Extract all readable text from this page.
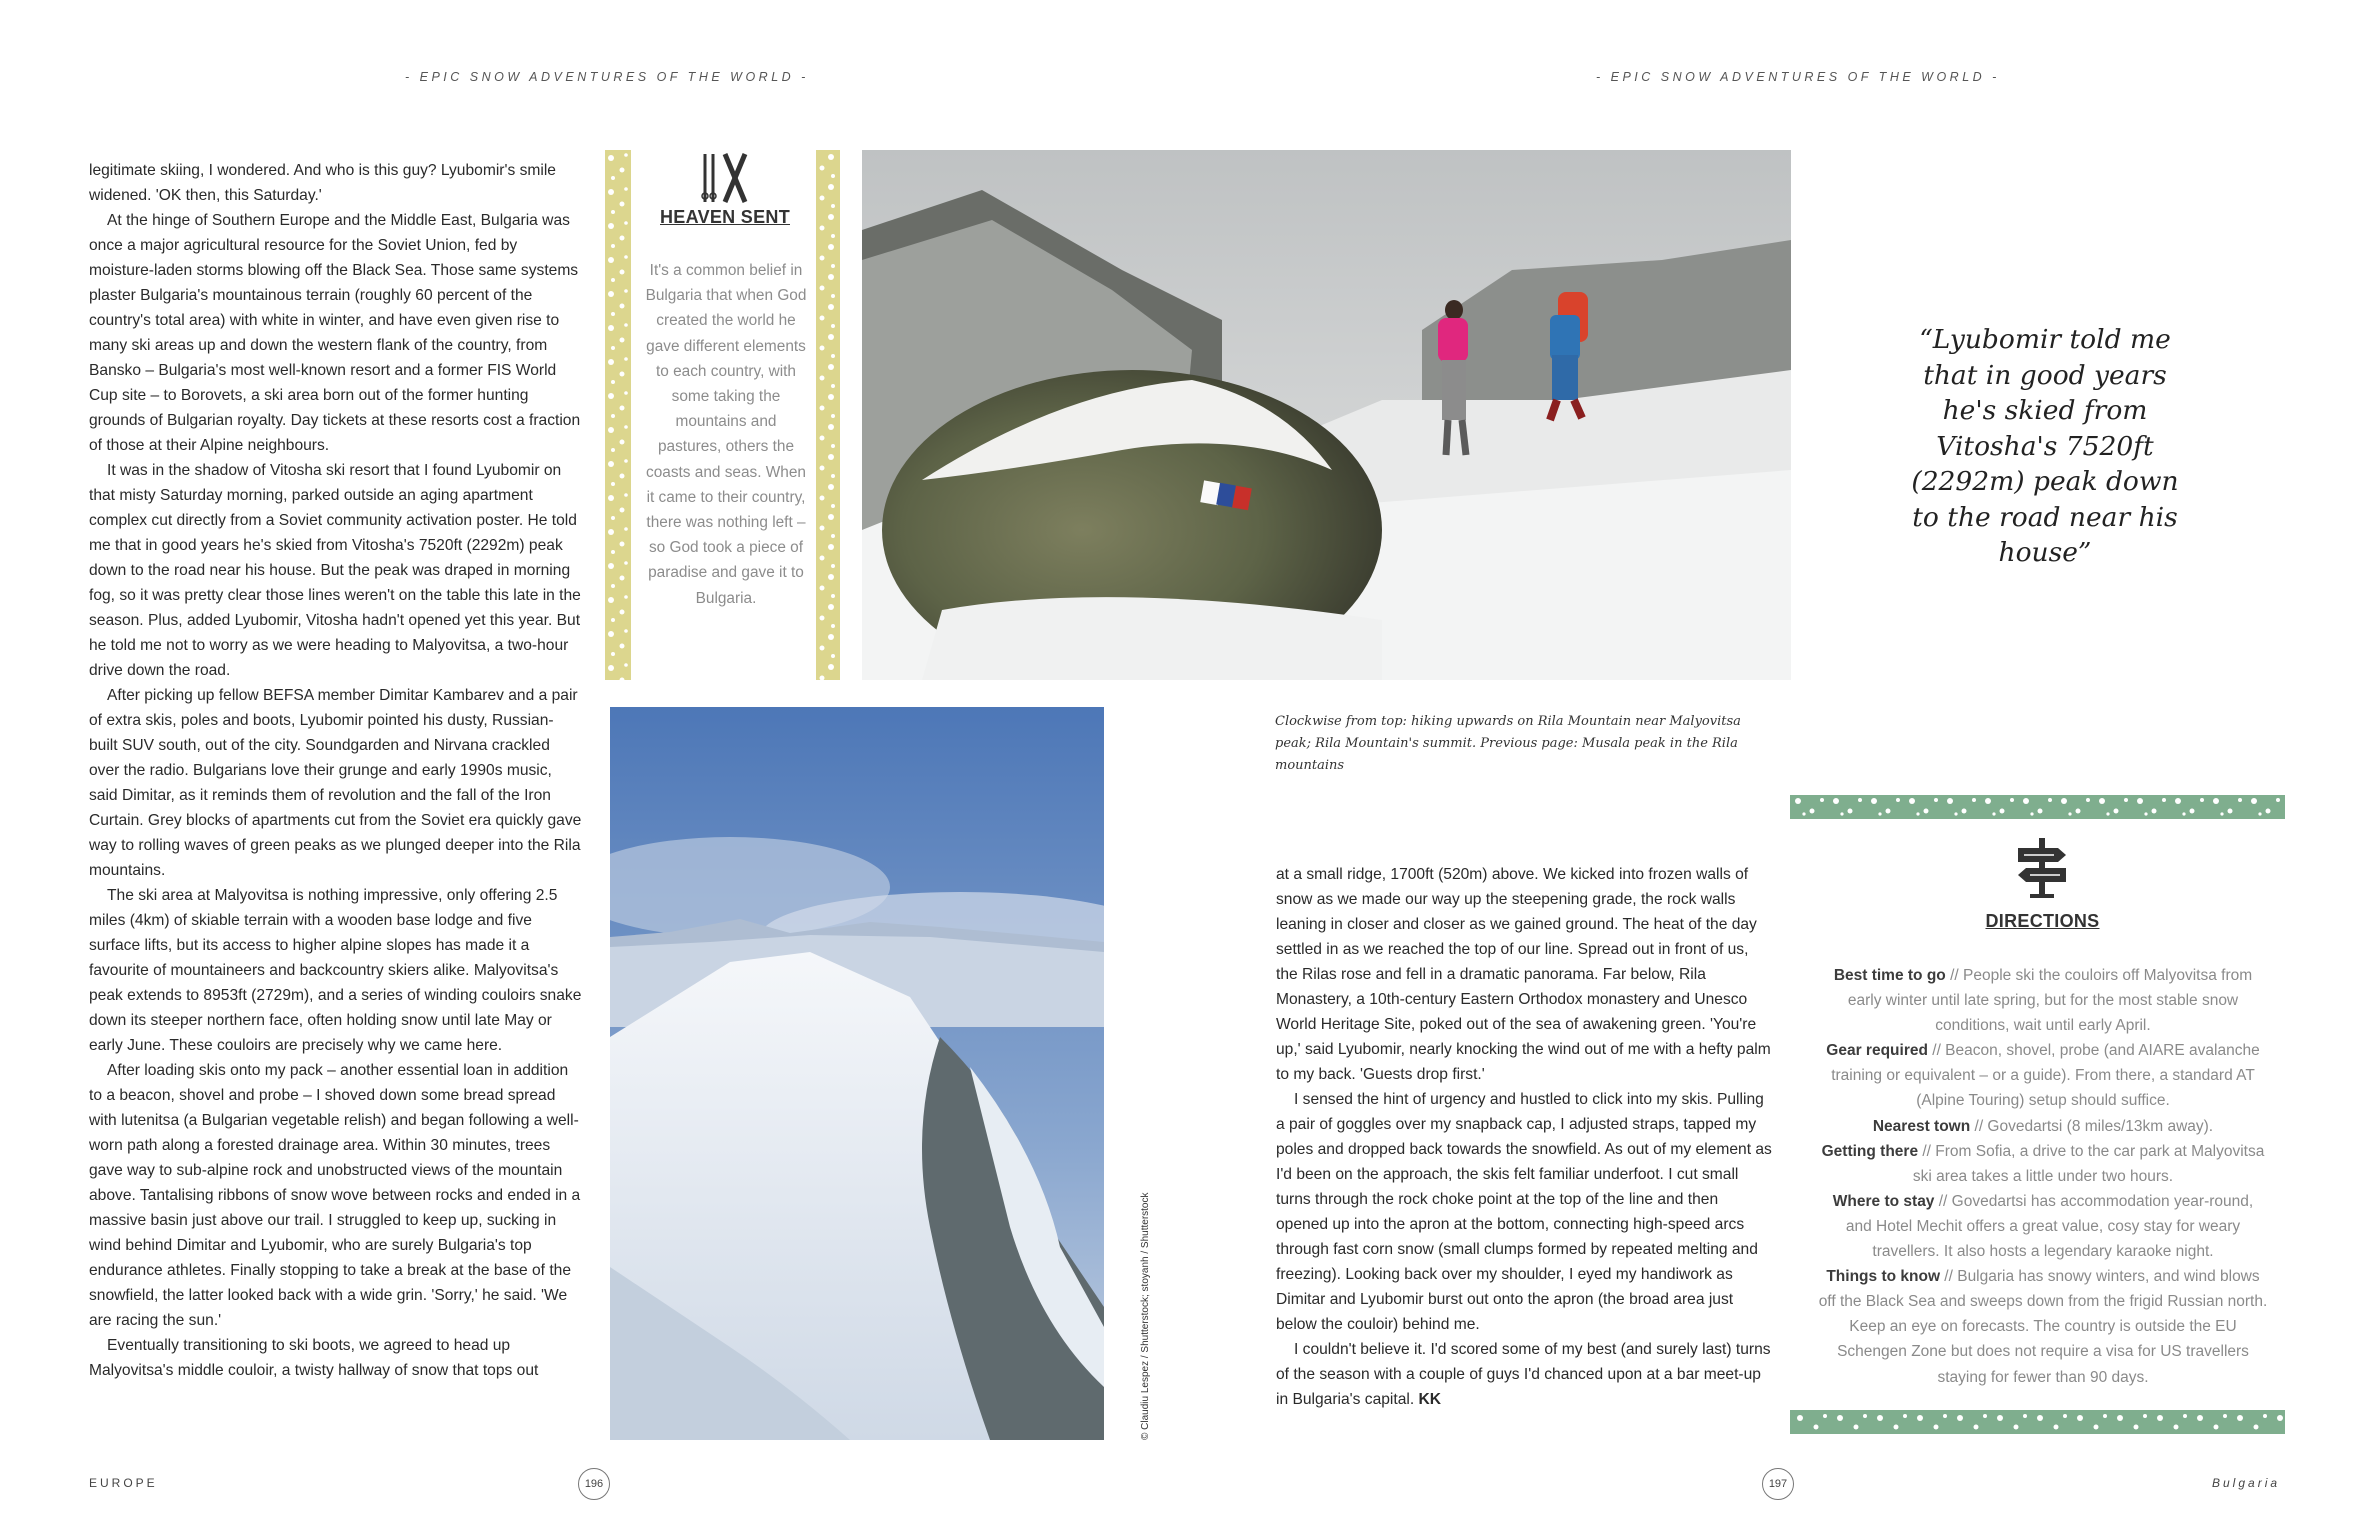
- EPIC SNOW ADVENTURES OF THE WORLD -	- EPIC SNOW ADVENTURES OF THE WORLD -

legitimate skiing, I wondered. And who is this guy? Lyubomir's smile widened. 'OK then, this Saturday.'

At the hinge of Southern Europe and the Middle East, Bulgaria was once a major agricultural resource for the Soviet Union, fed by moisture-laden storms blowing off the Black Sea. Those same systems plaster Bulgaria's mountainous terrain (roughly 60 percent of the country's total area) with white in winter, and have even given rise to many ski areas up and down the western flank of the country, from Bansko – Bulgaria's most well-known resort and a former FIS World Cup site – to Borovets, a ski area born out of the former hunting grounds of Bulgarian royalty. Day tickets at these resorts cost a fraction of those at their Alpine neighbours.

It was in the shadow of Vitosha ski resort that I found Lyubomir on that misty Saturday morning, parked outside an aging apartment complex cut directly from a Soviet community activation poster. He told me that in good years he's skied from Vitosha's 7520ft (2292m) peak down to the road near his house. But the peak was draped in morning fog, so it was pretty clear those lines weren't on the table this late in the season. Plus, added Lyubomir, Vitosha hadn't opened yet this year. But he told me not to worry as we were heading to Malyovitsa, a two-hour drive down the road.

After picking up fellow BEFSA member Dimitar Kambarev and a pair of extra skis, poles and boots, Lyubomir pointed his dusty, Russian-built SUV south, out of the city. Soundgarden and Nirvana crackled over the radio. Bulgarians love their grunge and early 1990s music, said Dimitar, as it reminds them of revolution and the fall of the Iron Curtain. Grey blocks of apartments cut from the Soviet era quickly gave way to rolling waves of green peaks as we plunged deeper into the Rila mountains.

The ski area at Malyovitsa is nothing impressive, only offering 2.5 miles (4km) of skiable terrain with a wooden base lodge and five surface lifts, but its access to higher alpine slopes has made it a favourite of mountaineers and backcountry skiers alike. Malyovitsa's peak extends to 8953ft (2729m), and a series of winding couloirs snake down its steeper northern face, often holding snow until late May or early June. These couloirs are precisely why we came here.

After loading skis onto my pack – another essential loan in addition to a beacon, shovel and probe – I shoved down some bread spread with lutenitsa (a Bulgarian vegetable relish) and began following a well-worn path along a forested drainage area. Within 30 minutes, trees gave way to sub-alpine rock and unobstructed views of the mountain above. Tantalising ribbons of snow wove between rocks and ended in a massive basin just above our trail. I struggled to keep up, sucking in wind behind Dimitar and Lyubomir, who are surely Bulgaria's top endurance athletes. Finally stopping to take a break at the base of the snowfield, the latter looked back with a wide grin. 'Sorry,' he said. 'We are racing the sun.'

Eventually transitioning to ski boots, we agreed to head up Malyovitsa's middle couloir, a twisty hallway of snow that tops out

HEAVEN SENT
It's a common belief in Bulgaria that when God created the world he gave different elements to each country, with some taking the mountains and pastures, others the coasts and seas. When it came to their country, there was nothing left – so God took a piece of paradise and gave it to Bulgaria.
© Claudiu Lespez / Shutterstock; stoyanh / Shutterstock
“Lyubomir told me that in good years he's skied from Vitosha's 7520ft (2292m) peak down to the road near his house”
Clockwise from top: hiking upwards on Rila Mountain near Malyovitsa peak; Rila Mountain's summit. Previous page: Musala peak in the Rila mountains

at a small ridge, 1700ft (520m) above. We kicked into frozen walls of snow as we made our way up the steepening grade, the rock walls leaning in closer and closer as we gained ground. The heat of the day settled in as we reached the top of our line. Spread out in front of us, the Rilas rose and fell in a dramatic panorama. Far below, Rila Monastery, a 10th-century Eastern Orthodox monastery and Unesco World Heritage Site, poked out of the sea of awakening green. 'You're up,' said Lyubomir, nearly knocking the wind out of me with a hefty palm to my back. 'Guests drop first.'

I sensed the hint of urgency and hustled to click into my skis. Pulling a pair of goggles over my snapback cap, I adjusted straps, tapped my poles and dropped back towards the snowfield. As out of my element as I'd been on the approach, the skis felt familiar underfoot. I cut small turns through the rock choke point at the top of the line and then opened up into the apron at the bottom, connecting high-speed arcs through fast corn snow (small clumps formed by repeated melting and freezing). Looking back over my shoulder, I eyed my handiwork as Dimitar and Lyubomir burst out onto the apron (the broad area just below the couloir) behind me.

I couldn't believe it. I'd scored some of my best (and surely last) turns of the season with a couple of guys I'd chanced upon at a bar meet-up in Bulgaria's capital. KK

DIRECTIONS
Best time to go // People ski the couloirs off Malyovitsa from early winter until late spring, but for the most stable snow conditions, wait until early April.
Gear required // Beacon, shovel, probe (and AIARE avalanche training or equivalent – or a guide). From there, a standard AT (Alpine Touring) setup should suffice.
Nearest town // Govedartsi (8 miles/13km away).
Getting there // From Sofia, a drive to the car park at Malyovitsa ski area takes a little under two hours.
Where to stay // Govedartsi has accommodation year-round, and Hotel Mechit offers a great value, cosy stay for weary travellers. It also hosts a legendary karaoke night.
Things to know // Bulgaria has snowy winters, and wind blows off the Black Sea and sweeps down from the frigid Russian north. Keep an eye on forecasts. The country is outside the EU Schengen Zone but does not require a visa for US travellers staying for fewer than 90 days.
EUROPE	196	197	Bulgaria
